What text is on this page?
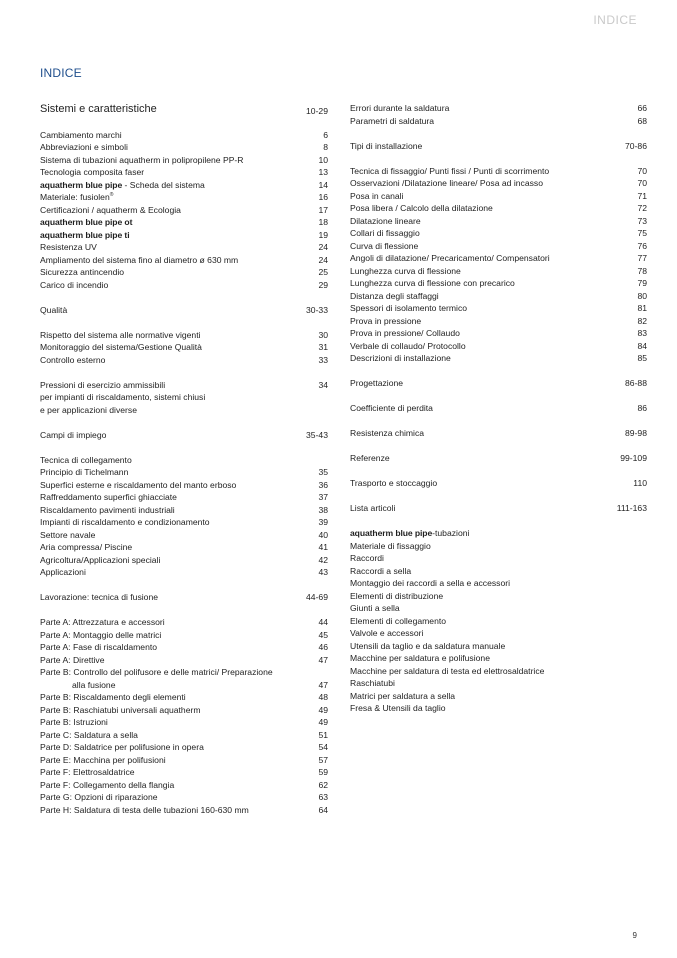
INDICE
INDICE
Sistemi e caratteristiche	10-29
Cambiamento marchi	6
Abbreviazioni e simboli	8
Sistema di tubazioni aquatherm in polipropilene PP-R	10
Tecnologia composita faser	13
aquatherm blue pipe - Scheda del sistema	14
Materiale: fusiolen®	16
Certificazioni / aquatherm & Ecologia	17
aquatherm blue pipe ot	18
aquatherm blue pipe ti	19
Resistenza UV	24
Ampliamento del sistema fino al diametro ø 630 mm	24
Sicurezza antincendio	25
Carico di incendio	29
Qualità	30-33
Rispetto del sistema alle normative vigenti	30
Monitoraggio del sistema/Gestione Qualità	31
Controllo esterno	33
Pressioni di esercizio ammissibili	34
per impianti di riscaldamento, sistemi chiusi
e per applicazioni diverse
Campi di impiego	35-43
Tecnica di collegamento
Principio di Tichelmann	35
Superfici esterne e riscaldamento del manto erboso	36
Raffreddamento superfici ghiacciate	37
Riscaldamento pavimenti industriali	38
Impianti di riscaldamento e condizionamento	39
Settore navale	40
Aria compressa/ Piscine	41
Agricoltura/Applicazioni speciali	42
Applicazioni	43
Lavorazione: tecnica di fusione	44-69
Parte A: Attrezzatura e accessori	44
Parte A: Montaggio delle matrici	45
Parte A: Fase di riscaldamento	46
Parte A: Direttive	47
Parte B: Controllo del polifusore e delle matrici/ Preparazione
alla fusione	47
Parte B: Riscaldamento degli elementi	48
Parte B: Raschiatubi universali aquatherm	49
Parte B: Istruzioni	49
Parte C: Saldatura a sella	51
Parte D: Saldatrice per polifusione in opera	54
Parte E: Macchina per polifusioni	57
Parte F: Elettrosaldatrice	59
Parte F: Collegamento della flangia	62
Parte G: Opzioni di riparazione	63
Parte H: Saldatura di testa delle tubazioni 160-630 mm	64
Errori durante la saldatura	66
Parametri di saldatura	68
Tipi di installazione	70-86
Tecnica di fissaggio/ Punti fissi / Punti di scorrimento	70
Osservazioni /Dilatazione lineare/ Posa ad incasso	70
Posa in canali	71
Posa libera / Calcolo della dilatazione	72
Dilatazione lineare	73
Collari di fissaggio	75
Curva di flessione	76
Angoli di dilatazione/ Precaricamento/ Compensatori	77
Lunghezza curva di flessione	78
Lunghezza curva di flessione con precarico	79
Distanza degli staffaggi	80
Spessori di isolamento termico	81
Prova in pressione	82
Prova in pressione/ Collaudo	83
Verbale di collaudo/ Protocollo	84
Descrizioni di installazione	85
Progettazione	86-88
Coefficiente di perdita	86
Resistenza chimica	89-98
Referenze	99-109
Trasporto e stoccaggio	110
Lista articoli	111-163
aquatherm blue pipe-tubazioni
Materiale di fissaggio
Raccordi
Raccordi a sella
Montaggio dei raccordi a sella e accessori
Elementi di distribuzione
Giunti a sella
Elementi di collegamento
Valvole e accessori
Utensili da taglio e da saldatura manuale
Macchine per saldatura e polifusione
Macchine per saldatura di testa ed elettrosaldatrice
Raschiatubi
Matrici per saldatura a sella
Fresa & Utensili da taglio
9
